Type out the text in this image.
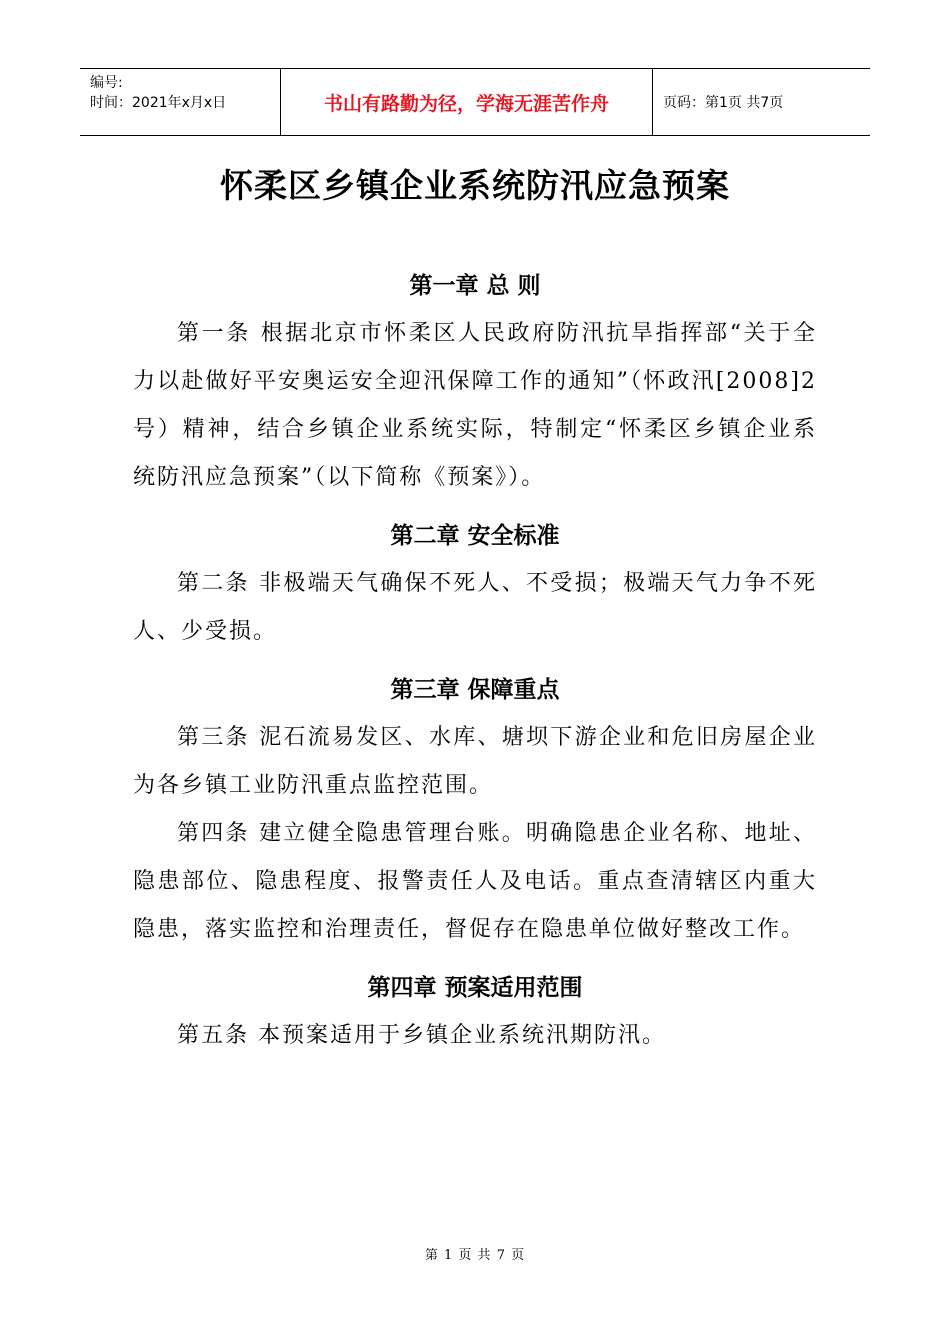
编号:
时间：2021年x月x日	书山有路勤为径，学海无涯苦作舟	页码：第1页 共7页
怀柔区乡镇企业系统防汛应急预案
第一章 总 则

第一条 根据北京市怀柔区人民政府防汛抗旱指挥部“关于全力以赴做好平安奥运安全迎汛保障工作的通知”（怀政汛[2008]2号）精神，结合乡镇企业系统实际，特制定“怀柔区乡镇企业系统防汛应急预案”（以下简称《预案》）。

第二章 安全标准

第二条 非极端天气确保不死人、不受损；极端天气力争不死人、少受损。

第三章 保障重点

第三条 泥石流易发区、水库、塘坝下游企业和危旧房屋企业为各乡镇工业防汛重点监控范围。

第四条 建立健全隐患管理台账。明确隐患企业名称、地址、隐患部位、隐患程度、报警责任人及电话。重点查清辖区内重大隐患，落实监控和治理责任，督促存在隐患单位做好整改工作。

第四章 预案适用范围

第五条 本预案适用于乡镇企业系统汛期防汛。

第 1 页 共 7 页
